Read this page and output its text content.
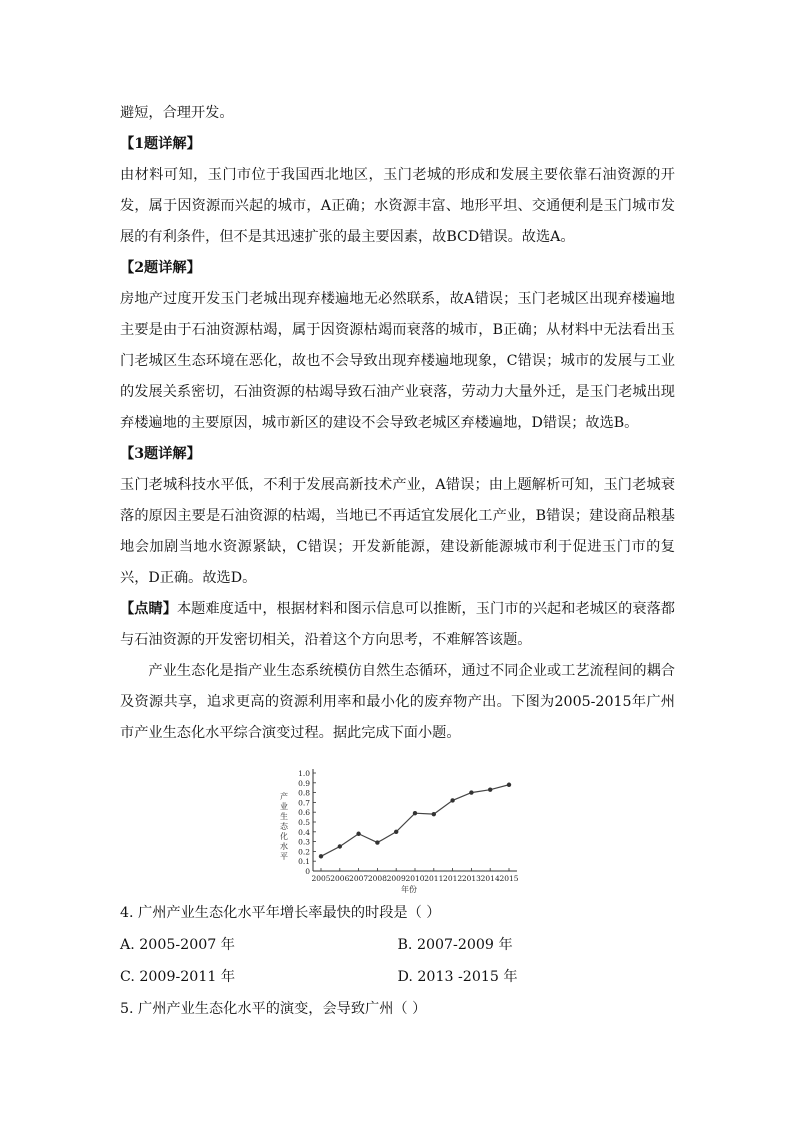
避短，合理开发。

【1题详解】

由材料可知，玉门市位于我国西北地区，玉门老城的形成和发展主要依靠石油资源的开发，属于因资源而兴起的城市，A正确；水资源丰富、地形平坦、交通便利是玉门城市发展的有利条件，但不是其迅速扩张的最主要因素，故BCD错误。故选A。

【2题详解】

房地产过度开发玉门老城出现弃楼遍地无必然联系，故A错误；玉门老城区出现弃楼遍地主要是由于石油资源枯竭，属于因资源枯竭而衰落的城市，B正确；从材料中无法看出玉门老城区生态环境在恶化，故也不会导致出现弃楼遍地现象，C错误；城市的发展与工业的发展关系密切，石油资源的枯竭导致石油产业衰落，劳动力大量外迁，是玉门老城出现弃楼遍地的主要原因，城市新区的建设不会导致老城区弃楼遍地，D错误；故选B。

【3题详解】

玉门老城科技水平低，不利于发展高新技术产业，A错误；由上题解析可知，玉门老城衰落的原因主要是石油资源的枯竭，当地已不再适宜发展化工产业，B错误；建设商品粮基地会加剧当地水资源紧缺，C错误；开发新能源，建设新能源城市利于促进玉门市的复兴，D正确。故选D。

【点睛】本题难度适中，根据材料和图示信息可以推断，玉门市的兴起和老城区的衰落都与石油资源的开发密切相关，沿着这个方向思考，不难解答该题。

产业生态化是指产业生态系统模仿自然生态循环，通过不同企业或工艺流程间的耦合及资源共享，追求更高的资源利用率和最小化的废弃物产出。下图为2005-2015年广州市产业生态化水平综合演变过程。据此完成下面小题。

0
0.1
0.2
0.3
0.4
0.5
0.6
0.7
0.8
0.9
1.0
2005 2006 2007 2008 2009 2010 2011 2012 2013 2014 2015
产业生态化水平
年份

4. 广州产业生态化水平年增长率最快的时段是（ ）

A. 2005-2007 年	B. 2007-2009 年
C. 2009-2011 年	D. 2013 -2015 年

5. 广州产业生态化水平的演变，会导致广州（ ）
